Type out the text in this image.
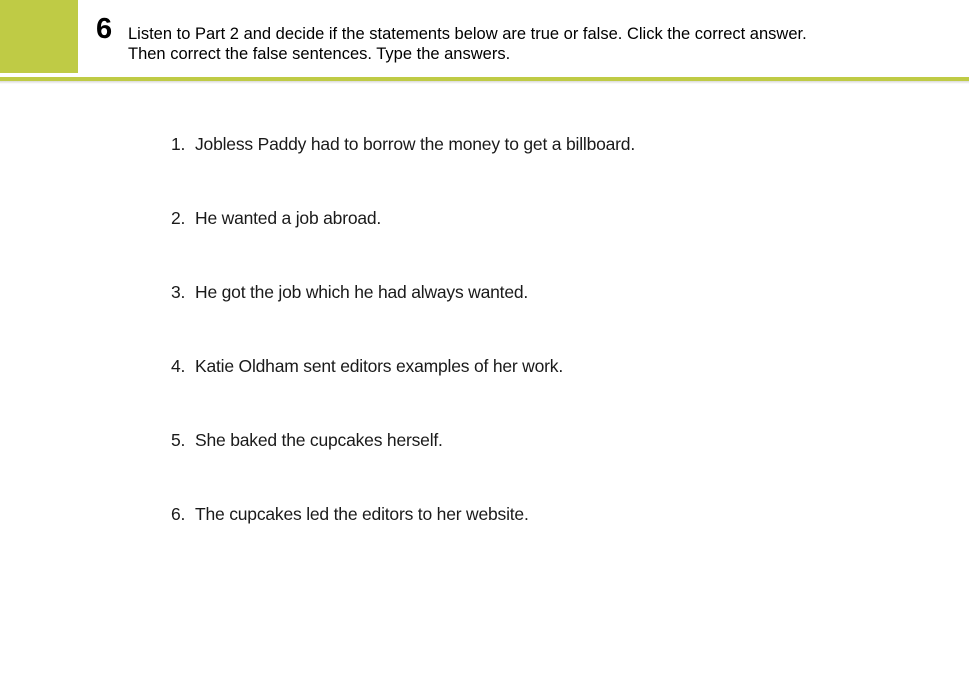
6 Listen to Part 2 and decide if the statements below are true or false. Click the correct answer.
Then correct the false sentences. Type the answers.
1. Jobless Paddy had to borrow the money to get a billboard.
2. He wanted a job abroad.
3. He got the job which he had always wanted.
4. Katie Oldham sent editors examples of her work.
5. She baked the cupcakes herself.
6. The cupcakes led the editors to her website.
